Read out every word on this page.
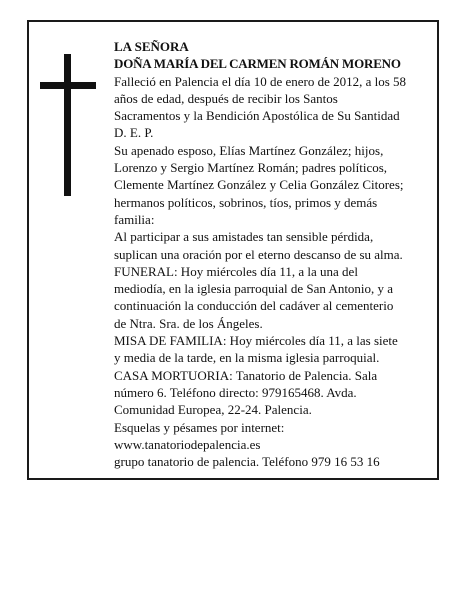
LA SEÑORA

DOÑA MARÍA DEL CARMEN ROMÁN MORENO

Falleció en Palencia el día 10 de enero de 2012, a los 58
años de edad, después de recibir los Santos
Sacramentos y la Bendición Apostólica de Su Santidad
D. E. P.

Su apenado esposo, Elías Martínez González; hijos,
Lorenzo y Sergio Martínez Román; padres políticos,
Clemente Martínez González y Celia González Citores;
hermanos políticos, sobrinos, tíos, primos y demás
familia:

Al participar a sus amistades tan sensible pérdida,
suplican una oración por el eterno descanso de su alma.

FUNERAL: Hoy miércoles día 11, a la una del
mediodía, en la iglesia parroquial de San Antonio, y a
continuación la conducción del cadáver al cementerio
de Ntra. Sra. de los Ángeles.

MISA DE FAMILIA: Hoy miércoles día 11, a las siete
y media de la tarde, en la misma iglesia parroquial.

CASA MORTUORIA: Tanatorio de Palencia. Sala
número 6. Teléfono directo: 979165468. Avda.
Comunidad Europea, 22-24. Palencia.

Esquelas y pésames por internet:
www.tanatoriodepalencia.es

grupo tanatorio de palencia. Teléfono 979 16 53 16
